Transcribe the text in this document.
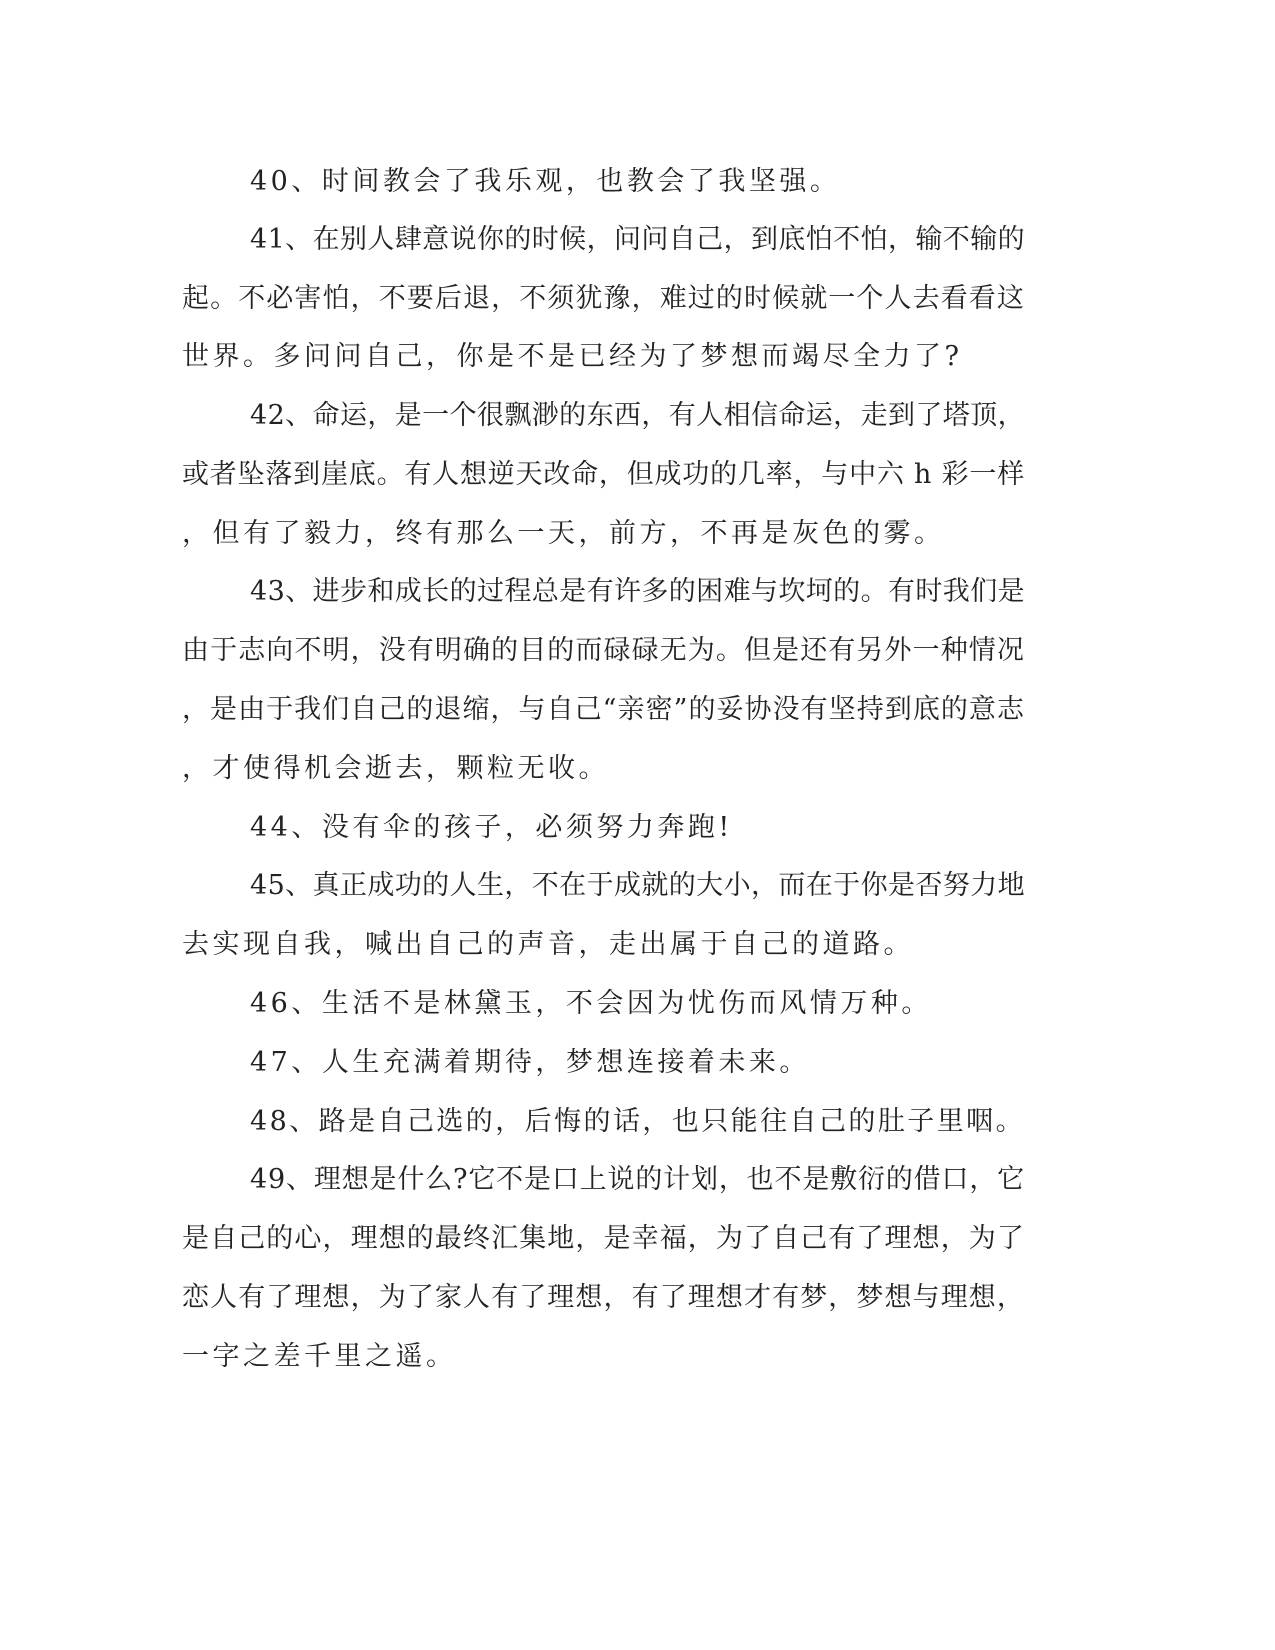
40、时间教会了我乐观，也教会了我坚强。
41、在别人肆意说你的时候，问问自己，到底怕不怕，输不输的
起。不必害怕，不要后退，不须犹豫，难过的时候就一个人去看看这
世界。多问问自己，你是不是已经为了梦想而竭尽全力了?
42、命运，是一个很飘渺的东西，有人相信命运，走到了塔顶，
或者坠落到崖底。有人想逆天改命，但成功的几率，与中六 h 彩一样
，但有了毅力，终有那么一天，前方，不再是灰色的雾。
43、进步和成长的过程总是有许多的困难与坎坷的。有时我们是
由于志向不明，没有明确的目的而碌碌无为。但是还有另外一种情况
，是由于我们自己的退缩，与自己“亲密”的妥协没有坚持到底的意志
，才使得机会逝去，颗粒无收。
44、没有伞的孩子，必须努力奔跑!
45、真正成功的人生，不在于成就的大小，而在于你是否努力地
去实现自我，喊出自己的声音，走出属于自己的道路。
46、生活不是林黛玉，不会因为忧伤而风情万种。
47、人生充满着期待，梦想连接着未来。
48、路是自己选的，后悔的话，也只能往自己的肚子里咽。
49、理想是什么?它不是口上说的计划，也不是敷衍的借口，它
是自己的心，理想的最终汇集地，是幸福，为了自己有了理想，为了
恋人有了理想，为了家人有了理想，有了理想才有梦，梦想与理想，
一字之差千里之遥。
